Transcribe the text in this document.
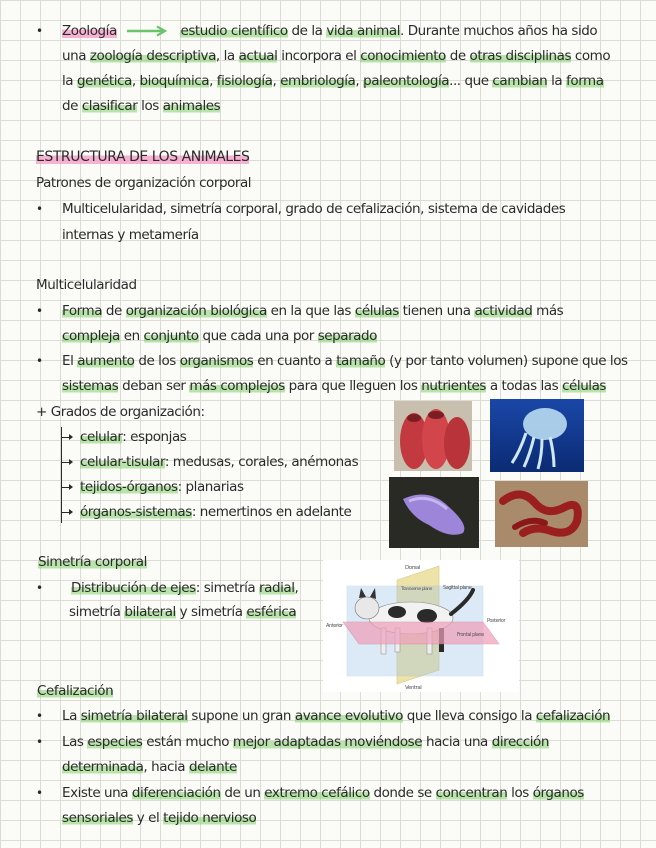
• Zoología	estudio científico de la vida animal. Durante muchos años ha sido
una zoología descriptiva, la actual incorpora el conocimiento de otras disciplinas como
la genética, bioquímica, fisiología, embriología, paleontología... que cambian la forma
de clasificar los animales
ESTRUCTURA DE LOS ANIMALES
Patrones de organización corporal
• Multicelularidad, simetría corporal, grado de cefalización, sistema de cavidades
internas y metamería
Multicelularidad
• Forma de organización biológica en la que las células tienen una actividad más
compleja en conjunto que cada una por separado
• El aumento de los organismos en cuanto a tamaño (y por tanto volumen) supone que los
sistemas deban ser más complejos para que lleguen los nutrientes a todas las células
+ Grados de organización:
celular: esponjas
celular-tisular: medusas, corales, anémonas
tejidos-órganos: planarias
órganos-sistemas: nemertinos en adelante
Simetría corporal
• Distribución de ejes: simetría radial,
simetría bilateral y simetría esférica
Dorsal
Sagittal plane
Transverse plane
Anterior
Posterior
Frontal plane
Ventral
Cefalización
• La simetría bilateral supone un gran avance evolutivo que lleva consigo la cefalización
• Las especies están mucho mejor adaptadas moviéndose hacia una dirección
determinada, hacia delante
• Existe una diferenciación de un extremo cefálico donde se concentran los órganos
sensoriales y el tejido nervioso
